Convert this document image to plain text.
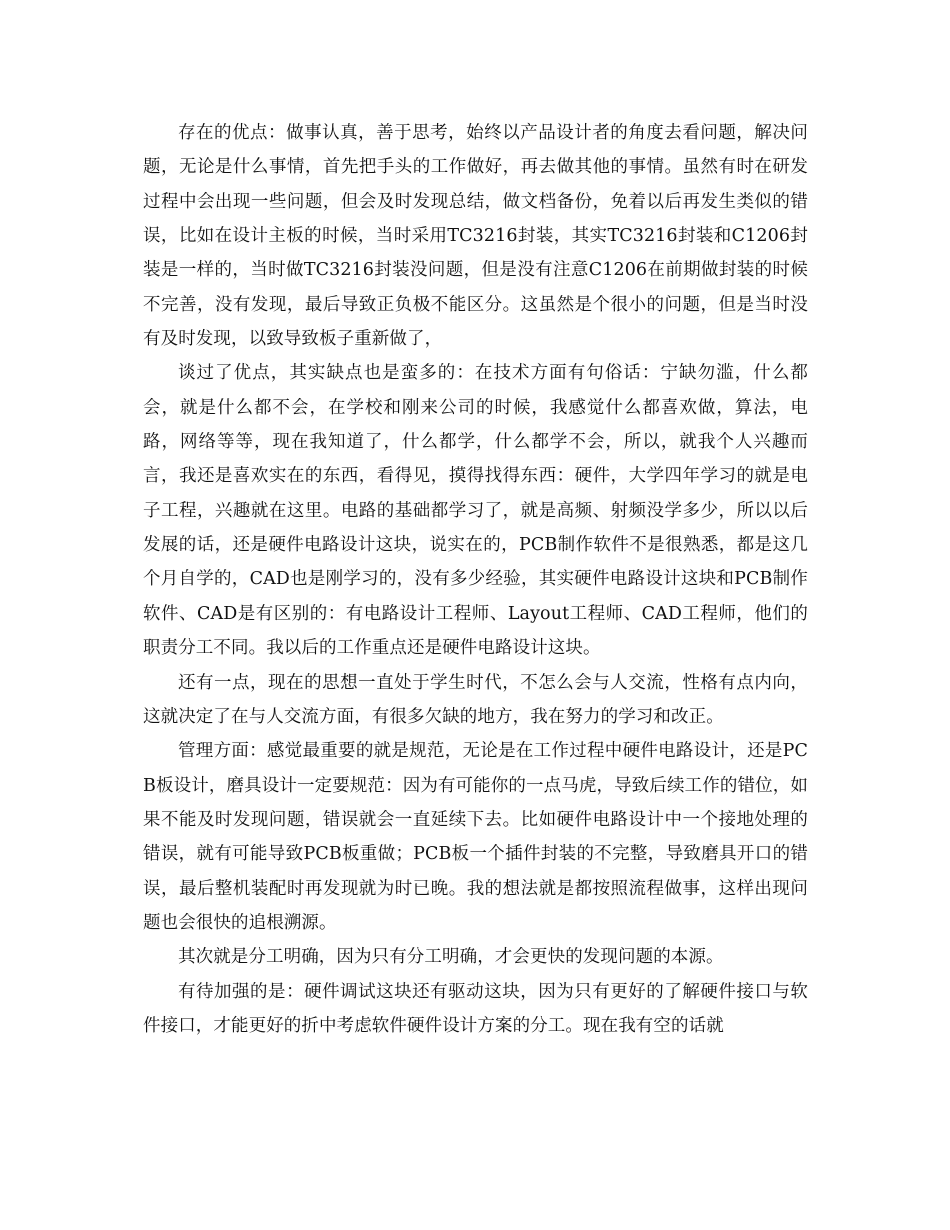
存在的优点：做事认真，善于思考，始终以产品设计者的角度去看问题，解决问题，无论是什么事情，首先把手头的工作做好，再去做其他的事情。虽然有时在研发过程中会出现一些问题，但会及时发现总结，做文档备份，免着以后再发生类似的错误，比如在设计主板的时候，当时采用TC3216封装，其实TC3216封装和C1206封装是一样的，当时做TC3216封装没问题，但是没有注意C1206在前期做封装的时候不完善，没有发现，最后导致正负极不能区分。这虽然是个很小的问题，但是当时没有及时发现，以致导致板子重新做了，

谈过了优点，其实缺点也是蛮多的：在技术方面有句俗话：宁缺勿滥，什么都会，就是什么都不会，在学校和刚来公司的时候，我感觉什么都喜欢做，算法，电路，网络等等，现在我知道了，什么都学，什么都学不会，所以，就我个人兴趣而言，我还是喜欢实在的东西，看得见，摸得找得东西：硬件，大学四年学习的就是电子工程，兴趣就在这里。电路的基础都学习了，就是高频、射频没学多少，所以以后发展的话，还是硬件电路设计这块，说实在的，PCB制作软件不是很熟悉，都是这几个月自学的，CAD也是刚学习的，没有多少经验，其实硬件电路设计这块和PCB制作软件、CAD是有区别的：有电路设计工程师、Layout工程师、CAD工程师，他们的职责分工不同。我以后的工作重点还是硬件电路设计这块。

还有一点，现在的思想一直处于学生时代，不怎么会与人交流，性格有点内向，这就决定了在与人交流方面，有很多欠缺的地方，我在努力的学习和改正。

管理方面：感觉最重要的就是规范，无论是在工作过程中硬件电路设计，还是PCB板设计，磨具设计一定要规范：因为有可能你的一点马虎，导致后续工作的错位，如果不能及时发现问题，错误就会一直延续下去。比如硬件电路设计中一个接地处理的错误，就有可能导致PCB板重做；PCB板一个插件封装的不完整，导致磨具开口的错误，最后整机装配时再发现就为时已晚。我的想法就是都按照流程做事，这样出现问题也会很快的追根溯源。

其次就是分工明确，因为只有分工明确，才会更快的发现问题的本源。

有待加强的是：硬件调试这块还有驱动这块，因为只有更好的了解硬件接口与软件接口，才能更好的折中考虑软件硬件设计方案的分工。现在我有空的话就
